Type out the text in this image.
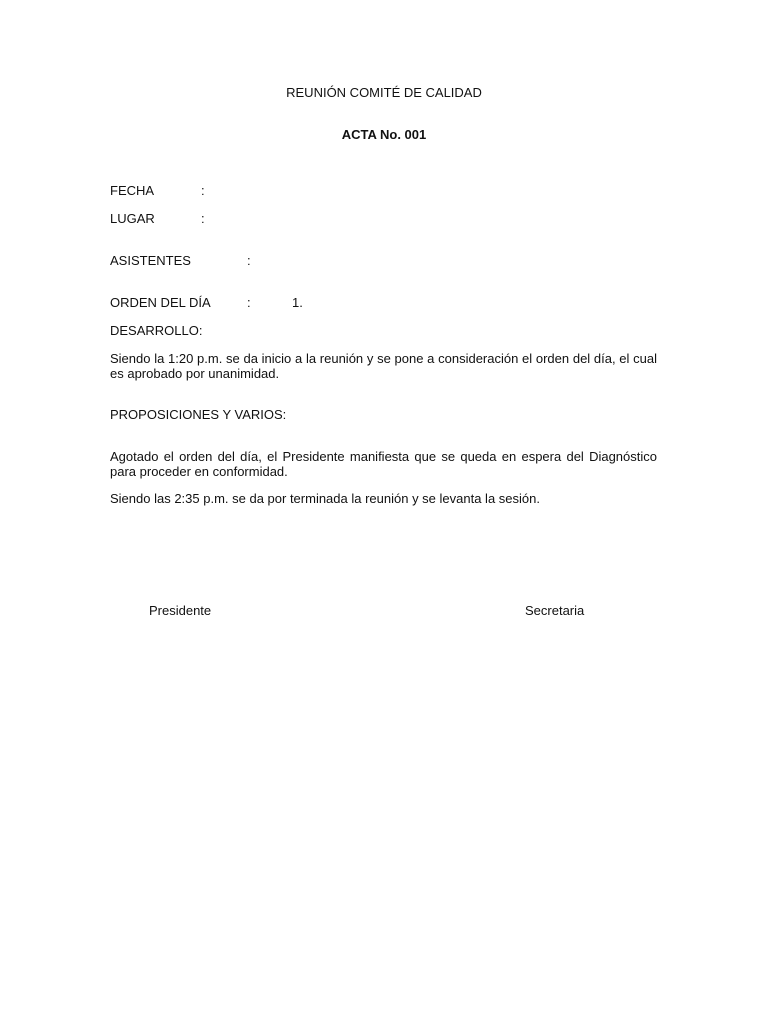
REUNIÓN COMITÉ DE CALIDAD
ACTA No. 001
FECHA	:
LUGAR	:
ASISTENTES	:
ORDEN DEL DÍA	:	1.
DESARROLLO:

Siendo la 1:20 p.m. se da inicio a la reunión y se pone a consideración el orden del día, el cual es aprobado por unanimidad.

PROPOSICIONES Y VARIOS:

Agotado el orden del día, el Presidente manifiesta que se queda en espera del Diagnóstico para proceder en conformidad.

Siendo las 2:35 p.m. se da por terminada la reunión y se levanta la sesión.

Presidente	Secretaria
